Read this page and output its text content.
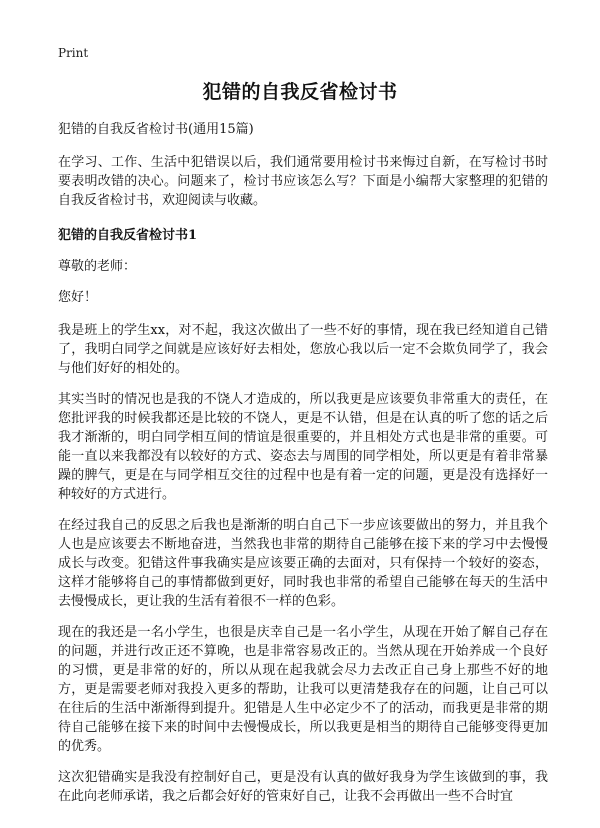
Print
犯错的自我反省检讨书

犯错的自我反省检讨书(通用15篇)

在学习、工作、生活中犯错误以后，我们通常要用检讨书来悔过自新，在写检讨书时要表明改错的决心。问题来了，检讨书应该怎么写？下面是小编帮大家整理的犯错的自我反省检讨书，欢迎阅读与收藏。

犯错的自我反省检讨书1

尊敬的老师：

您好！

我是班上的学生xx，对不起，我这次做出了一些不好的事情，现在我已经知道自己错了，我明白同学之间就是应该好好去相处，您放心我以后一定不会欺负同学了，我会与他们好好的相处的。

其实当时的情况也是我的不饶人才造成的，所以我更是应该要负非常重大的责任，在您批评我的时候我都还是比较的不饶人，更是不认错，但是在认真的听了您的话之后我才渐渐的，明白同学相互间的情谊是很重要的，并且相处方式也是非常的重要。可能一直以来我都没有以较好的方式、姿态去与周围的同学相处，所以更是有着非常暴躁的脾气，更是在与同学相互交往的过程中也是有着一定的问题，更是没有选择好一种较好的方式进行。

在经过我自己的反思之后我也是渐渐的明白自己下一步应该要做出的努力，并且我个人也是应该要去不断地奋进，当然我也非常的期待自己能够在接下来的学习中去慢慢成长与改变。犯错这件事我确实是应该要正确的去面对，只有保持一个较好的姿态，这样才能够将自己的事情都做到更好，同时我也非常的希望自己能够在每天的生活中去慢慢成长，更让我的生活有着很不一样的色彩。

现在的我还是一名小学生，也很是庆幸自己是一名小学生，从现在开始了解自己存在的问题，并进行改正还不算晚，也是非常容易改正的。当然从现在开始养成一个良好的习惯，更是非常的好的，所以从现在起我就会尽力去改正自己身上那些不好的地方，更是需要老师对我投入更多的帮助，让我可以更清楚我存在的问题，让自己可以在往后的生活中渐渐得到提升。犯错是人生中必定少不了的活动，而我更是非常的期待自己能够在接下来的时间中去慢慢成长，所以我更是相当的期待自己能够变得更加的优秀。

这次犯错确实是我没有控制好自己，更是没有认真的做好我身为学生该做到的事，我在此向老师承诺，我之后都会好好的管束好自己，让我不会再做出一些不合时宜
